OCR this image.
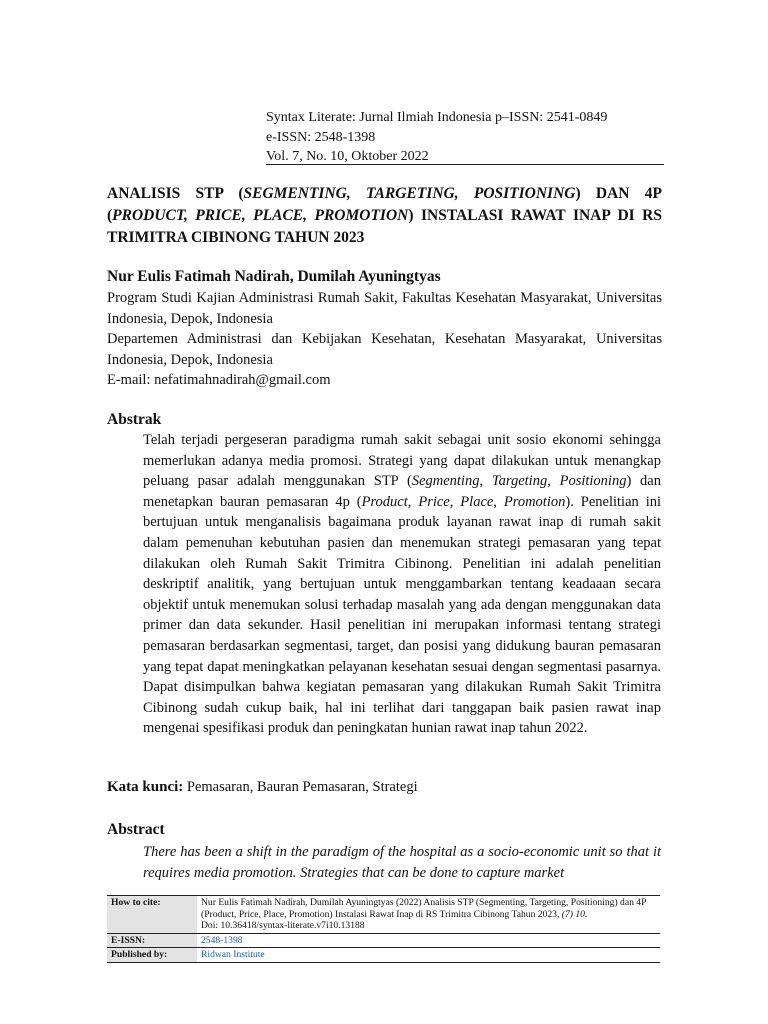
Syntax Literate: Jurnal Ilmiah Indonesia p–ISSN: 2541-0849
e-ISSN: 2548-1398
Vol. 7, No. 10, Oktober 2022
ANALISIS STP (SEGMENTING, TARGETING, POSITIONING) DAN 4P (PRODUCT, PRICE, PLACE, PROMOTION) INSTALASI RAWAT INAP DI RS TRIMITRA CIBINONG TAHUN 2023
Nur Eulis Fatimah Nadirah, Dumilah Ayuningtyas
Program Studi Kajian Administrasi Rumah Sakit, Fakultas Kesehatan Masyarakat, Universitas Indonesia, Depok, Indonesia
Departemen Administrasi dan Kebijakan Kesehatan, Kesehatan Masyarakat, Universitas Indonesia, Depok, Indonesia
E-mail: nefatimahnadirah@gmail.com
Abstrak
Telah terjadi pergeseran paradigma rumah sakit sebagai unit sosio ekonomi sehingga memerlukan adanya media promosi. Strategi yang dapat dilakukan untuk menangkap peluang pasar adalah menggunakan STP (Segmenting, Targeting, Positioning) dan menetapkan bauran pemasaran 4p (Product, Price, Place, Promotion). Penelitian ini bertujuan untuk menganalisis bagaimana produk layanan rawat inap di rumah sakit dalam pemenuhan kebutuhan pasien dan menemukan strategi pemasaran yang tepat dilakukan oleh Rumah Sakit Trimitra Cibinong. Penelitian ini adalah penelitian deskriptif analitik, yang bertujuan untuk menggambarkan tentang keadaaan secara objektif untuk menemukan solusi terhadap masalah yang ada dengan menggunakan data primer dan data sekunder. Hasil penelitian ini merupakan informasi tentang strategi pemasaran berdasarkan segmentasi, target, dan posisi yang didukung bauran pemasaran yang tepat dapat meningkatkan pelayanan kesehatan sesuai dengan segmentasi pasarnya. Dapat disimpulkan bahwa kegiatan pemasaran yang dilakukan Rumah Sakit Trimitra Cibinong sudah cukup baik, hal ini terlihat dari tanggapan baik pasien rawat inap mengenai spesifikasi produk dan peningkatan hunian rawat inap tahun 2022.
Kata kunci: Pemasaran, Bauran Pemasaran, Strategi
Abstract
There has been a shift in the paradigm of the hospital as a socio-economic unit so that it requires media promotion. Strategies that can be done to capture market
How to cite:	Nur Eulis Fatimah Nadirah, Dumilah Ayuningtyas (2022) Analisis STP (Segmenting, Targeting, Positioning) dan 4P (Product, Price, Place, Promotion) Instalasi Rawat Inap di RS Trimitra Cibinong Tahun 2023, (7) 10.
Doi: 10.36418/syntax-literate.v7i10.13188
E-ISSN:	2548-1398
Published by:	Ridwan Institute
